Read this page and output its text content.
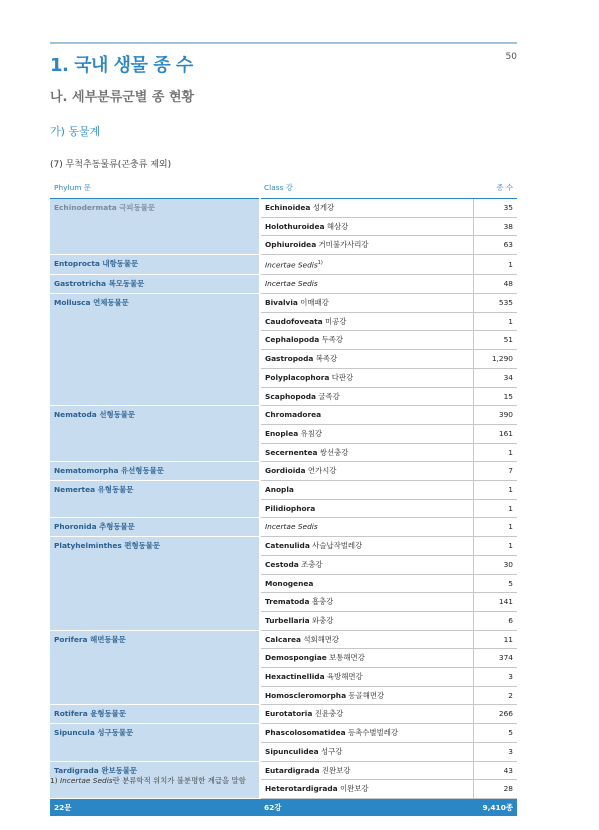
50
1. 국내 생물 종 수
나. 세부분류군별 종 현황
가) 동물계
(7) 무척추동물류(곤충류 제외)
Phylum 문	Class 강	종 수
Echinodermata 극피동물문	Echinoidea 성게강	35
	Holothuroidea 해삼강	38
	Ophiuroidea 거미불가사리강	63
Entoprocta 내항동물문	Incertae Sedis$^{1)}$	1
Gastrotricha 복모동물문	Incertae Sedis	48
Mollusca 연체동물문	Bivalvia 이매패강	535
	Caudofoveata 미공강	1
	Cephalopoda 두족강	51
	Gastropoda 복족강	1,290
	Polyplacophora 다판강	34
	Scaphopoda 굴족강	15
Nematoda 선형동물문	Chromadorea	390
	Enoplea 유침강	161
	Secernentea 쌍선충강	1
Nematomorpha 유선형동물문	Gordioida 연가시강	7
Nemertea 유형동물문	Anopla	1
	Pilidiophora	1
Phoronida 추형동물문	Incertae Sedis	1
Platyhelminthes 편형동물문	Catenulida 사슬납작벌레강	1
	Cestoda 조충강	30
	Monogenea	5
	Trematoda 흡충강	141
	Turbellaria 와충강	6
Porifera 해면동물문	Calcarea 석회해면강	11
	Demospongiae 보통해면강	374
	Hexactinellida 육방해면강	3
	Homoscleromorpha 동골해면강	2
Rotifera 윤형동물문	Eurotatoria 진윤충강	266
Sipuncula 성구동물문	Phascolosomatidea 등촉수별벌레강	5
	Sipunculidea 성구강	3
Tardigrada 완보동물문	Eutardigrada 진완보강	43
	Heterotardigrada 이완보강	28
22문	62강	9,410종
1) Incertae Sedis란 분류학적 위치가 불분명한 계급을 말함
